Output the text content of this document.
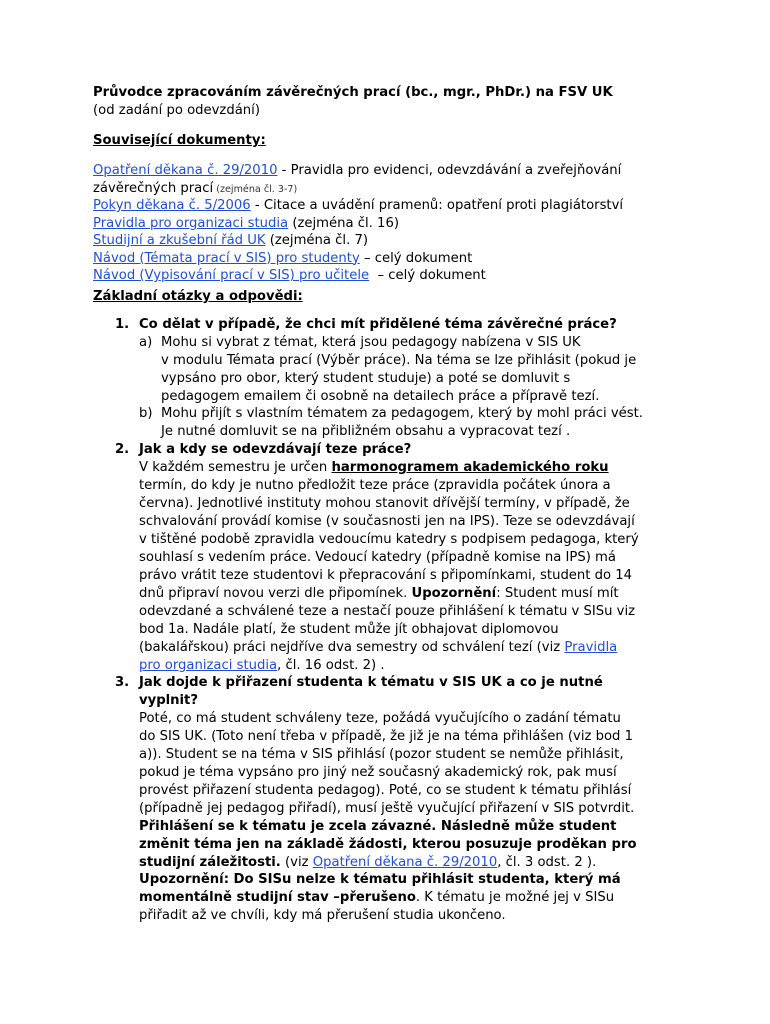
Průvodce zpracováním závěrečných prací (bc., mgr., PhDr.) na FSV UK
(od zadání po odevzdání)
Související dokumenty:
Opatření děkana č. 29/2010 - Pravidla pro evidenci, odevzdávání a zveřejňování
závěrečných prací (zejména čl. 3-7)
Pokyn děkana č. 5/2006 - Citace a uvádění pramenů: opatření proti plagiátorství
Pravidla pro organizaci studia (zejména čl. 16)
Studijní a zkušební řád UK (zejména čl. 7)
Návod (Témata prací v SIS) pro studenty – celý dokument
Návod (Vypisování prací v SIS) pro učitele  – celý dokument
Základní otázky a odpovědi:
1. Co dělat v případě, že chci mít přidělené téma závěrečné práce?
a) Mohu si vybrat z témat, která jsou pedagogy nabízena v SIS UK
v modulu Témata prací (Výběr práce). Na téma se lze přihlásit (pokud je
vypsáno pro obor, který student studuje) a poté se domluvit s
pedagogem emailem či osobně na detailech práce a přípravě tezí.
b) Mohu přijít s vlastním tématem za pedagogem, který by mohl práci vést.
Je nutné domluvit se na přibližném obsahu a vypracovat tezí .
2. Jak a kdy se odevzdávají teze práce?
V každém semestru je určen harmonogramem akademického roku
termín, do kdy je nutno předložit teze práce (zpravidla počátek února a
června). Jednotlivé instituty mohou stanovit dřívější termíny, v případě, že
schvalování provádí komise (v současnosti jen na IPS). Teze se odevzdávají
v tištěné podobě zpravidla vedoucímu katedry s podpisem pedagoga, který
souhlasí s vedením práce. Vedoucí katedry (případně komise na IPS) má
právo vrátit teze studentovi k přepracování s připomínkami, student do 14
dnů připraví novou verzi dle připomínek. Upozornění: Student musí mít
odevzdané a schválené teze a nestačí pouze přihlášení k tématu v SISu viz
bod 1a. Nadále platí, že student může jít obhajovat diplomovou
(bakalářskou) práci nejdříve dva semestry od schválení tezí (viz Pravidla
pro organizaci studia, čl. 16 odst. 2) .
3. Jak dojde k přiřazení studenta k tématu v SIS UK a co je nutné
vyplnit?
Poté, co má student schváleny teze, požádá vyučujícího o zadání tématu
do SIS UK. (Toto není třeba v případě, že již je na téma přihlášen (viz bod 1
a)). Student se na téma v SIS přihlásí (pozor student se nemůže přihlásit,
pokud je téma vypsáno pro jiný než současný akademický rok, pak musí
provést přiřazení studenta pedagog). Poté, co se student k tématu přihlásí
(případně jej pedagog přiřadí), musí ještě vyučující přiřazení v SIS potvrdit.
Přihlášení se k tématu je zcela závazné. Následně může student
změnit téma jen na základě žádosti, kterou posuzuje proděkan pro
studijní záležitosti. (viz Opatření děkana č. 29/2010, čl. 3 odst. 2 ).
Upozornění: Do SISu nelze k tématu přihlásit studenta, který má
momentálně studijní stav –přerušeno. K tématu je možné jej v SISu
přiřadit až ve chvíli, kdy má přerušení studia ukončeno.
